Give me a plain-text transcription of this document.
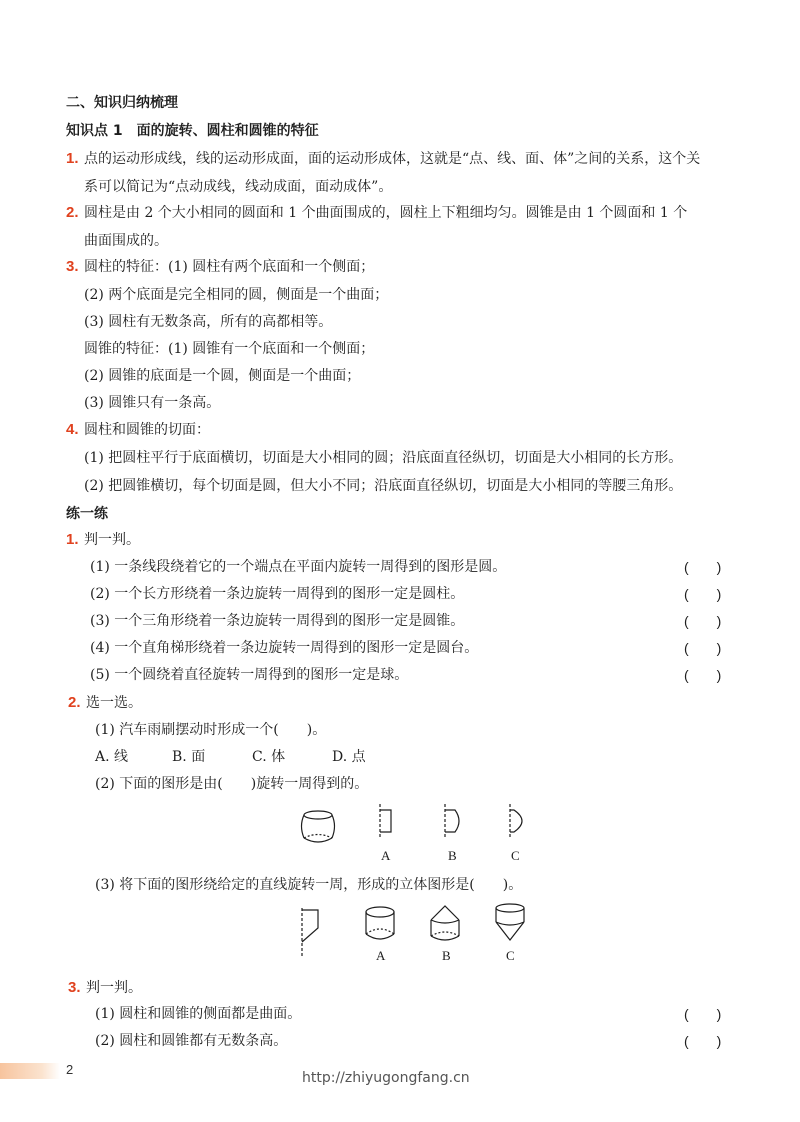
二、知识归纳梳理
知识点 1　面的旋转、圆柱和圆锥的特征
1. 点的运动形成线，线的运动形成面，面的运动形成体，这就是“点、线、面、体”之间的关系，这个关
系可以简记为“点动成线，线动成面，面动成体”。
2. 圆柱是由 2 个大小相同的圆面和 1 个曲面围成的，圆柱上下粗细均匀。圆锥是由 1 个圆面和 1 个
曲面围成的。
3. 圆柱的特征：(1) 圆柱有两个底面和一个侧面；
(2) 两个底面是完全相同的圆，侧面是一个曲面；
(3) 圆柱有无数条高，所有的高都相等。
圆锥的特征：(1) 圆锥有一个底面和一个侧面；
(2) 圆锥的底面是一个圆，侧面是一个曲面；
(3) 圆锥只有一条高。
4. 圆柱和圆锥的切面：
(1) 把圆柱平行于底面横切，切面是大小相同的圆；沿底面直径纵切，切面是大小相同的长方形。
(2) 把圆锥横切，每个切面是圆，但大小不同；沿底面直径纵切，切面是大小相同的等腰三角形。
练一练
1. 判一判。
(1) 一条线段绕着它的一个端点在平面内旋转一周得到的图形是圆。	(　　)
(2) 一个长方形绕着一条边旋转一周得到的图形一定是圆柱。	(　　)
(3) 一个三角形绕着一条边旋转一周得到的图形一定是圆锥。	(　　)
(4) 一个直角梯形绕着一条边旋转一周得到的图形一定是圆台。	(　　)
(5) 一个圆绕着直径旋转一周得到的图形一定是球。	(　　)
2. 选一选。
(1) 汽车雨刷摆动时形成一个(　　)。
A. 线	B. 面	C. 体	D. 点
(2) 下面的图形是由(　　)旋转一周得到的。
A	B	C
(3) 将下面的图形绕给定的直线旋转一周，形成的立体图形是(　　)。
A	B	C
3. 判一判。
(1) 圆柱和圆锥的侧面都是曲面。	(　　)
(2) 圆柱和圆锥都有无数条高。	(　　)
2
http://zhiyugongfang.cn
